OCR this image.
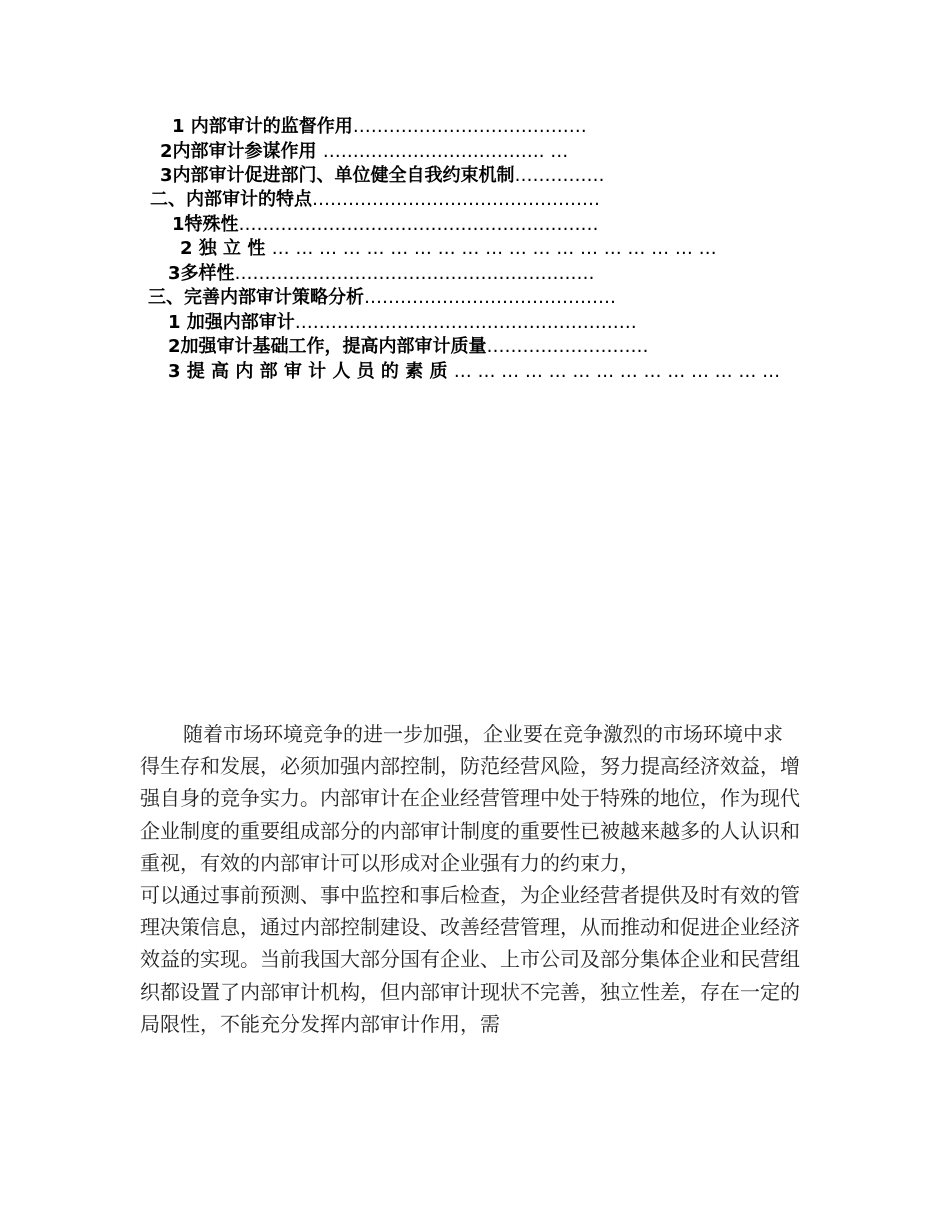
1 内部审计的监督作用…………………………………
2内部审计参谋作用 ………………………………. …
3内部审计促进部门、单位健全自我约束机制……………
二、内部审计的特点…………………………………………
1特殊性……………………………………………………
2 独 立 性 … … … … … … … … … … … … … … … … … … …
3多样性……………………………………………………
三、完善内部审计策略分析……………………………………
1 加强内部审计…………………………………………………
2加强审计基础工作，提高内部审计质量………………………
3 提 高 内 部 审 计 人 员 的 素 质 … … … … … … … … … … … … … …

随着市场环境竞争的进一步加强，企业要在竞争激烈的市场环境中求得生存和发展，必须加强内部控制，防范经营风险，努力提高经济效益，增强自身的竞争实力。内部审计在企业经营管理中处于特殊的地位，作为现代企业制度的重要组成部分的内部审计制度的重要性已被越来越多的人认识和重视，有效的内部审计可以形成对企业强有力的约束力，

可以通过事前预测、事中监控和事后检查，为企业经营者提供及时有效的管理决策信息，通过内部控制建设、改善经营管理，从而推动和促进企业经济效益的实现。当前我国大部分国有企业、上市公司及部分集体企业和民营组织都设置了内部审计机构，但内部审计现状不完善，独立性差，存在一定的局限性，不能充分发挥内部审计作用，需
